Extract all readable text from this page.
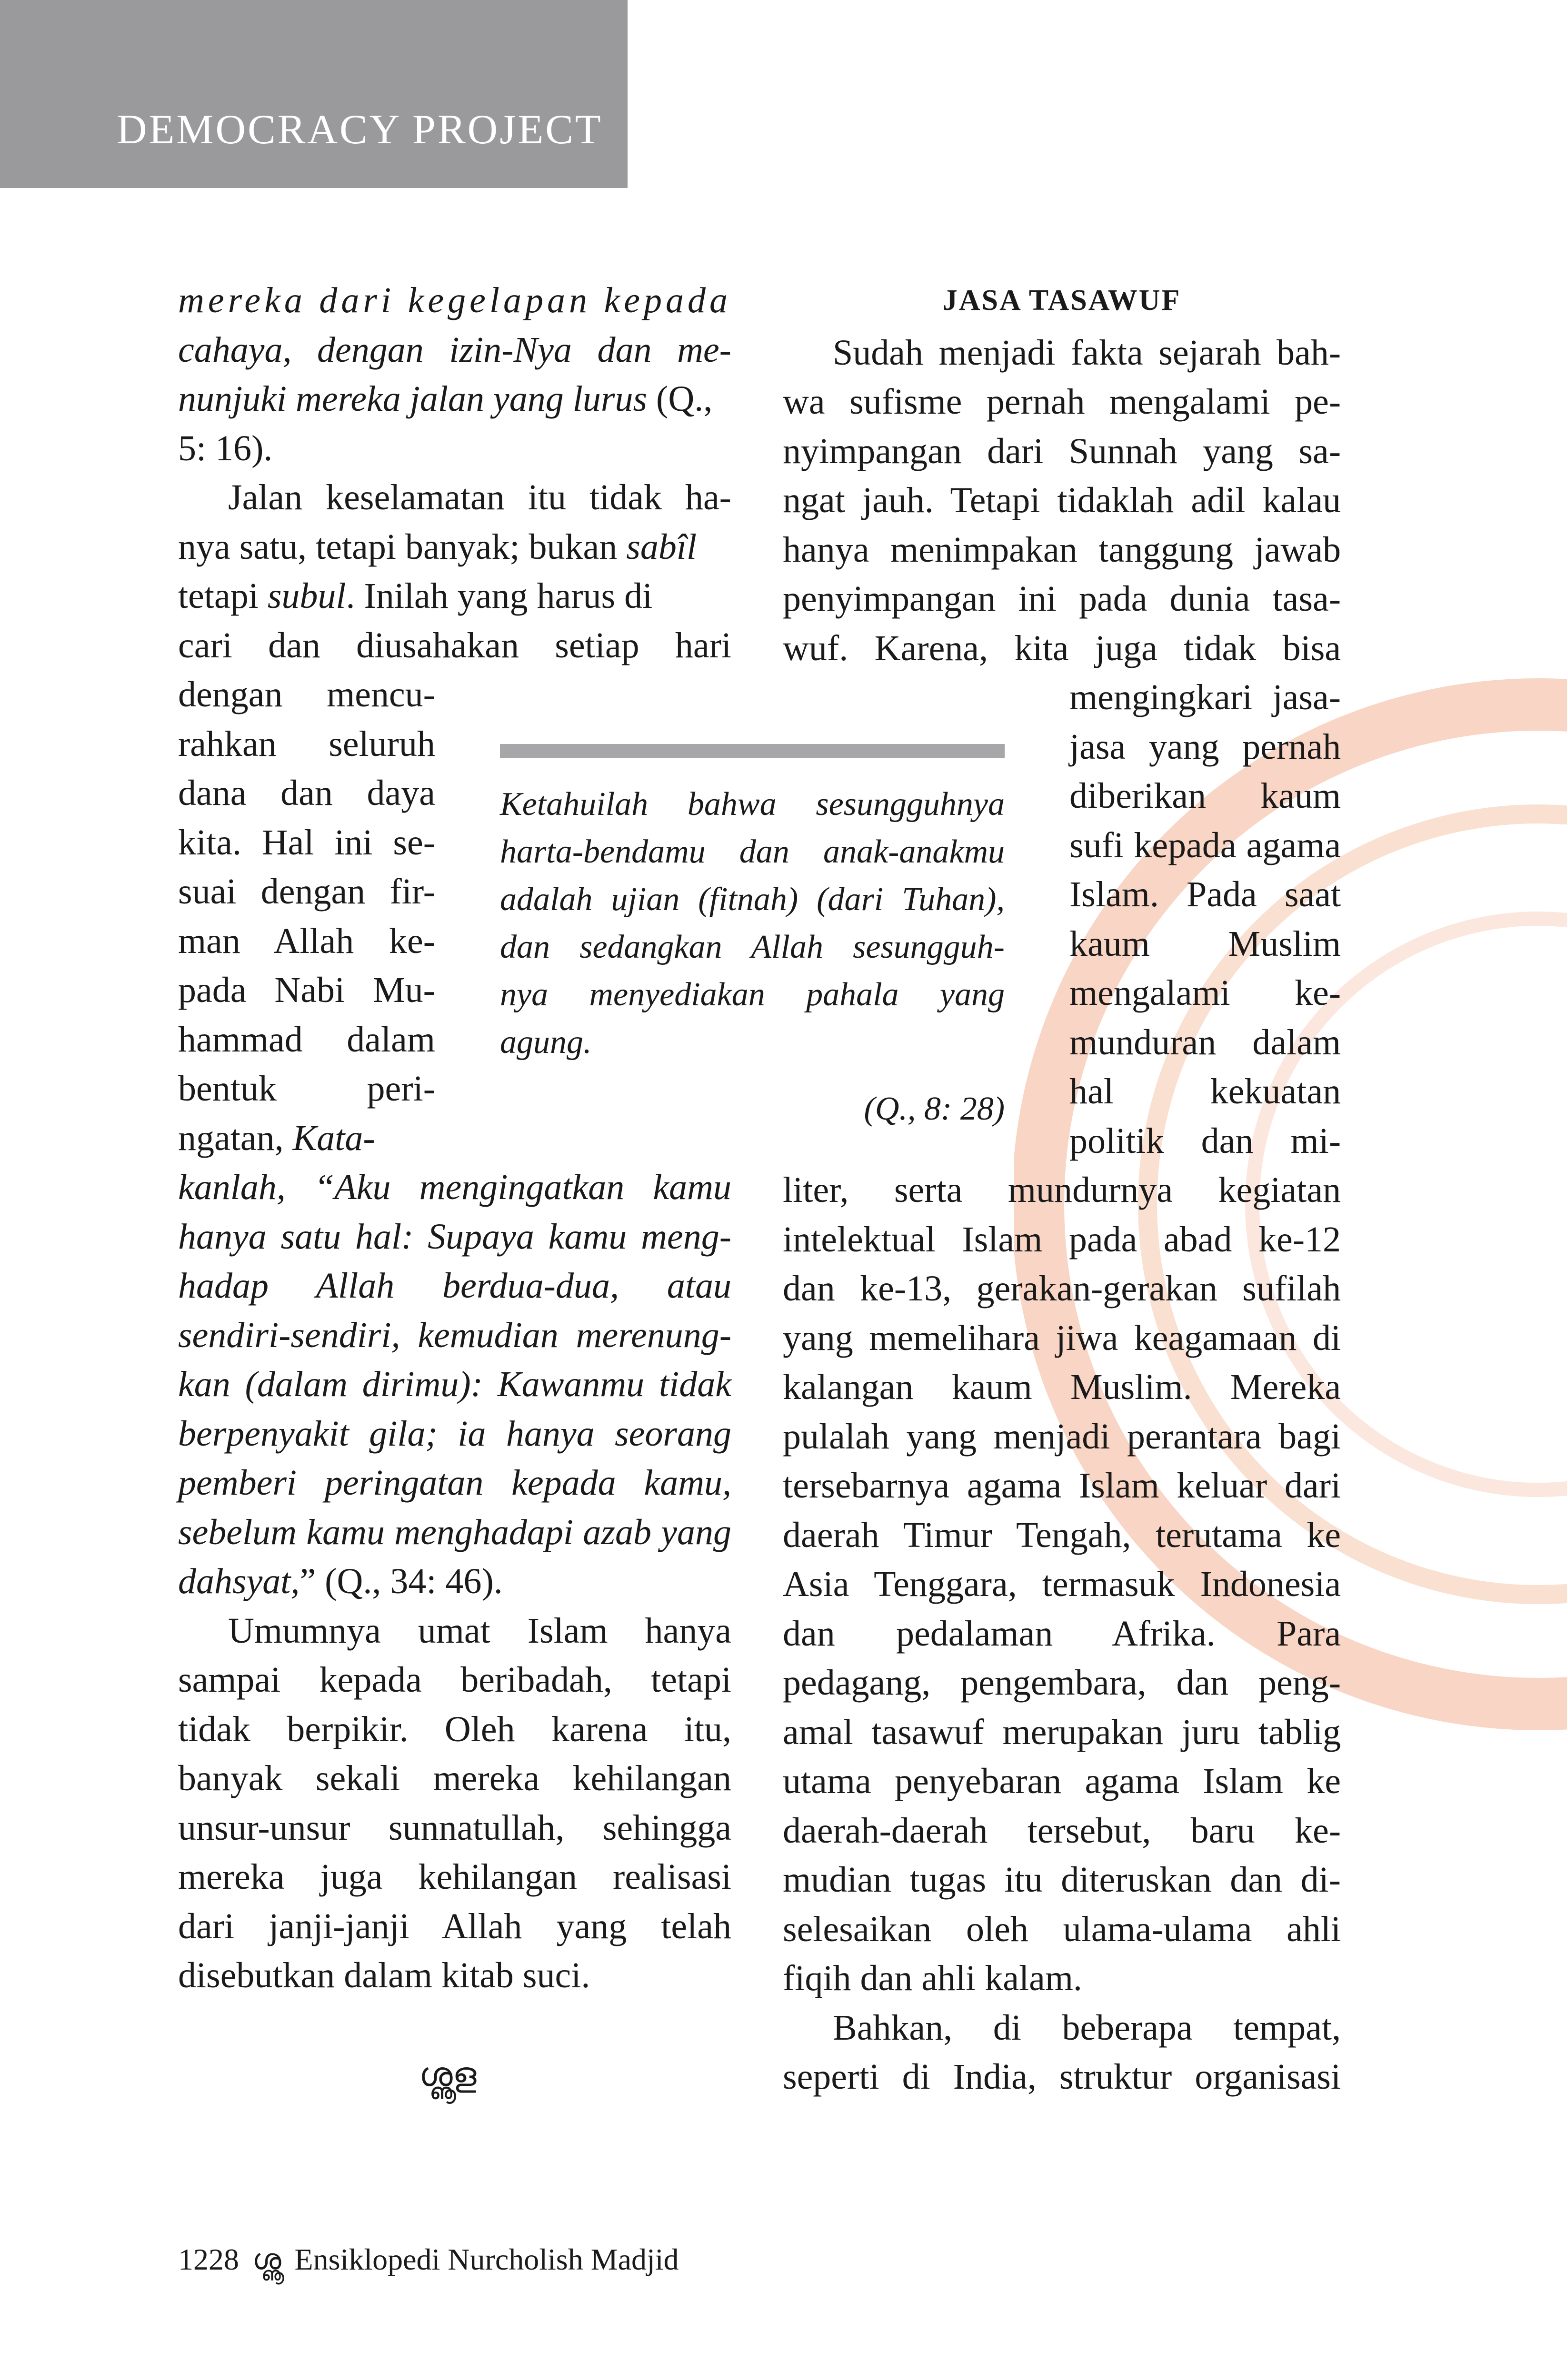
DEMOCRACY PROJECT

mereka dari kegelapan kepada
cahaya, dengan izin-Nya dan me-
nunjuki mereka jalan yang lurus (Q.,
5: 16).

Jalan keselamatan itu tidak ha-
nya satu, tetapi banyak; bukan sabîl
tetapi subul. Inilah yang harus di
cari dan diusahakan setiap hari
dengan mencu-
rahkan seluruh
dana dan daya
kita. Hal ini se-
suai dengan fir-
man Allah ke-
pada Nabi Mu-
hammad dalam
bentuk peri-
ngatan, Kata-

kanlah, “Aku mengingatkan kamu
hanya satu hal: Supaya kamu meng-
hadap Allah berdua-dua, atau
sendiri-sendiri, kemudian merenung-
kan (dalam dirimu): Kawanmu tidak
berpenyakit gila; ia hanya seorang
pemberi peringatan kepada kamu,
sebelum kamu menghadapi azab yang
dahsyat,” (Q., 34: 46).

Umumnya umat Islam hanya
sampai kepada beribadah, tetapi
tidak berpikir. Oleh karena itu,
banyak sekali mereka kehilangan
unsur-unsur sunnatullah, sehingga
mereka juga kehilangan realisasi
dari janji-janji Allah yang telah
disebutkan dalam kitab suci.

Ketahuilah bahwa sesungguhnya
harta-bendamu dan anak-anakmu
adalah ujian (fitnah) (dari Tuhan),
dan sedangkan Allah sesungguh-
nya menyediakan pahala yang
agung.
(Q., 8: 28)

JASA TASAWUF

Sudah menjadi fakta sejarah bah-
wa sufisme pernah mengalami pe-
nyimpangan dari Sunnah yang sa-
ngat jauh. Tetapi tidaklah adil kalau
hanya menimpakan tanggung jawab
penyimpangan ini pada dunia tasa-
wuf. Karena, kita juga tidak bisa
mengingkari jasa-
jasa yang pernah
diberikan kaum
sufi kepada agama
Islam. Pada saat
kaum Muslim
mengalami ke-
munduran dalam
hal kekuatan
politik dan mi-
liter, serta mundurnya kegiatan
intelektual Islam pada abad ke-12
dan ke-13, gerakan-gerakan sufilah
yang memelihara jiwa keagamaan di
kalangan kaum Muslim. Mereka
pulalah yang menjadi perantara bagi
tersebarnya agama Islam keluar dari
daerah Timur Tengah, terutama ke
Asia Tenggara, termasuk Indonesia
dan pedalaman Afrika. Para
pedagang, pengembara, dan peng-
amal tasawuf merupakan juru tablig
utama penyebaran agama Islam ke
daerah-daerah tersebut, baru ke-
mudian tugas itu diteruskan dan di-
selesaikan oleh ulama-ulama ahli
fiqih dan ahli kalam.

Bahkan, di beberapa tempat,
seperti di India, struktur organisasi

ശൣള
1228 ശൣ Ensiklopedi Nurcholish Madjid
